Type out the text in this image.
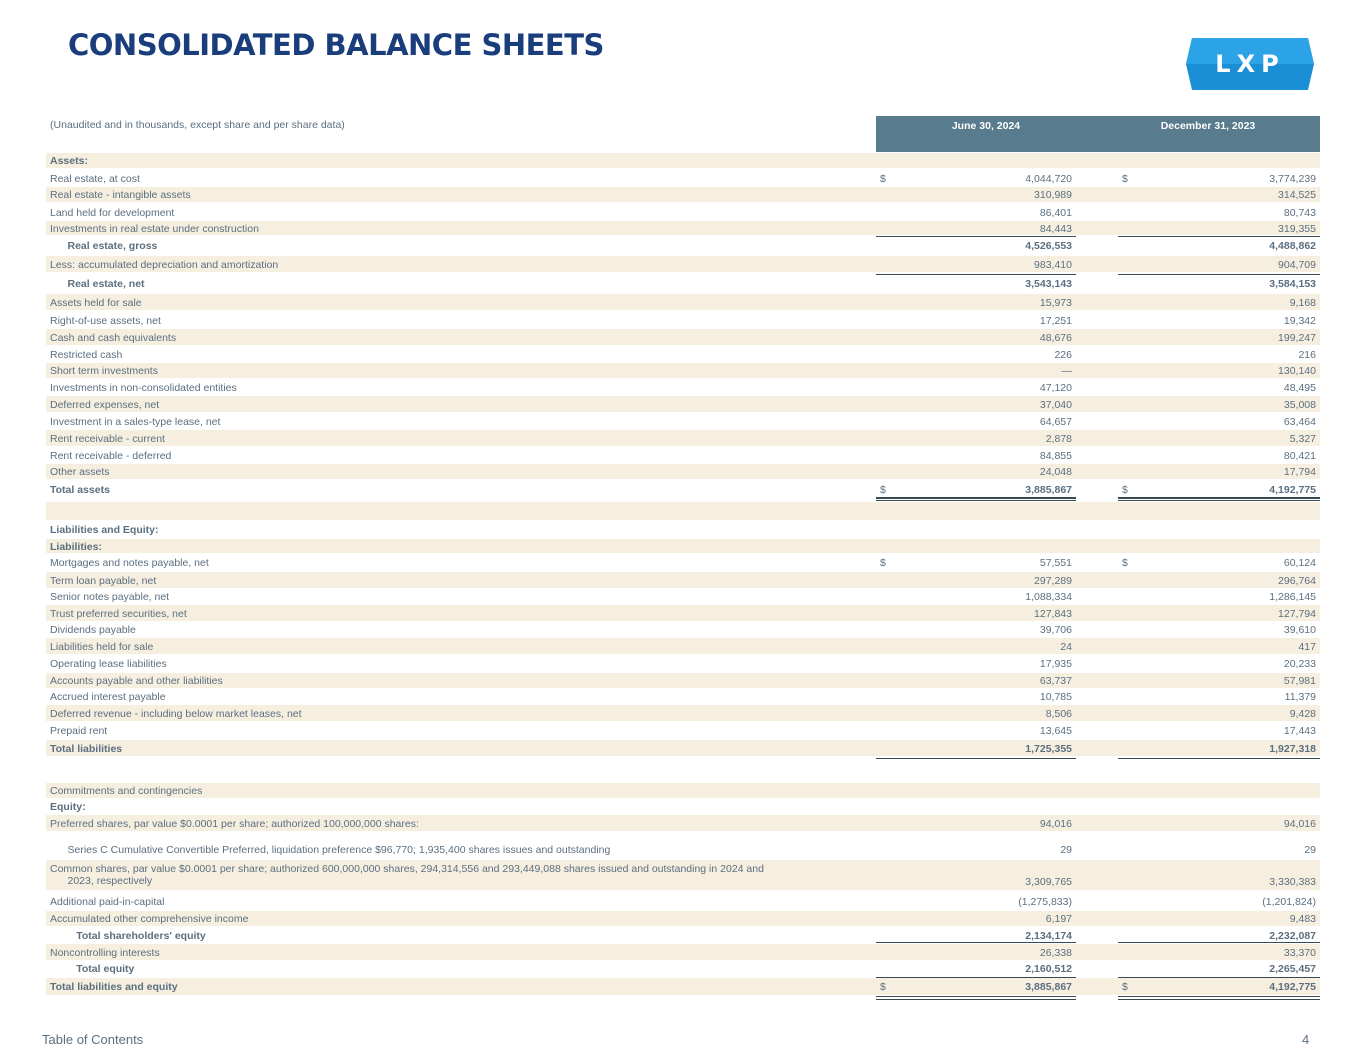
CONSOLIDATED BALANCE SHEETS
LXP
(Unaudited and in thousands, except share and per share data)	June 30, 2024	December 31, 2023
Assets:
Real estate, at cost	$	4,044,720	$	3,774,239
Real estate - intangible assets	310,989	314,525
Land held for development	86,401	80,743
Investments in real estate under construction	84,443	319,355
Real estate, gross	4,526,553	4,488,862
Less: accumulated depreciation and amortization	983,410	904,709
Real estate, net	3,543,143	3,584,153
Assets held for sale	15,973	9,168
Right-of-use assets, net	17,251	19,342
Cash and cash equivalents	48,676	199,247
Restricted cash	226	216
Short term investments	—	130,140
Investments in non-consolidated entities	47,120	48,495
Deferred expenses, net	37,040	35,008
Investment in a sales-type lease, net	64,657	63,464
Rent receivable - current	2,878	5,327
Rent receivable - deferred	84,855	80,421
Other assets	24,048	17,794
Total assets	$	3,885,867	$	4,192,775
Liabilities and Equity:
Liabilities:
Mortgages and notes payable, net	$	57,551	$	60,124
Term loan payable, net	297,289	296,764
Senior notes payable, net	1,088,334	1,286,145
Trust preferred securities, net	127,843	127,794
Dividends payable	39,706	39,610
Liabilities held for sale	24	417
Operating lease liabilities	17,935	20,233
Accounts payable and other liabilities	63,737	57,981
Accrued interest payable	10,785	11,379
Deferred revenue - including below market leases, net	8,506	9,428
Prepaid rent	13,645	17,443
Total liabilities	1,725,355	1,927,318
Commitments and contingencies
Equity:
Preferred shares, par value $0.0001 per share; authorized 100,000,000 shares:	94,016	94,016
Series C Cumulative Convertible Preferred, liquidation preference $96,770; 1,935,400 shares issues and outstanding	29	29
Common shares, par value $0.0001 per share; authorized 600,000,000 shares, 294,314,556 and 293,449,088 shares issued and outstanding in 2024 and
2023, respectively	3,309,765	3,330,383
Additional paid-in-capital	(1,275,833)	(1,201,824)
Accumulated other comprehensive income	6,197	9,483
Total shareholders' equity	2,134,174	2,232,087
Noncontrolling interests	26,338	33,370
Total equity	2,160,512	2,265,457
Total liabilities and equity	$	3,885,867	$	4,192,775
Table of Contents	4
